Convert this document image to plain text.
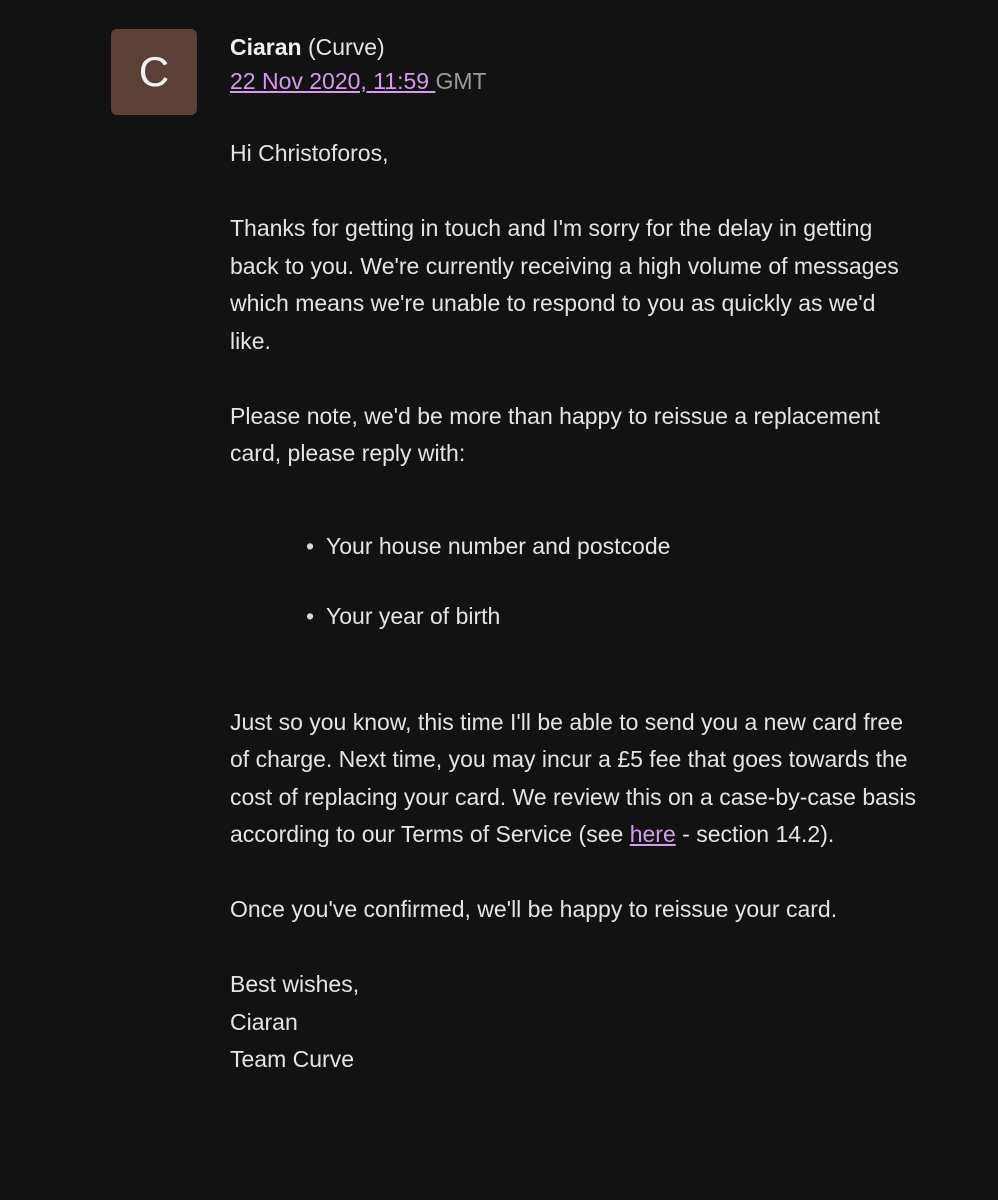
C
Ciaran (Curve)
22 Nov 2020, 11:59 GMT

Hi Christoforos,

Thanks for getting in touch and I'm sorry for the delay in getting back to you. We're currently receiving a high volume of messages which means we're unable to respond to you as quickly as we'd like.

Please note, we'd be more than happy to reissue a replacement card, please reply with:

• Your house number and postcode
• Your year of birth

Just so you know, this time I'll be able to send you a new card free of charge. Next time, you may incur a £5 fee that goes towards the cost of replacing your card. We review this on a case-by-case basis according to our Terms of Service (see here - section 14.2).

Once you've confirmed, we'll be happy to reissue your card.

Best wishes,
Ciaran
Team Curve
